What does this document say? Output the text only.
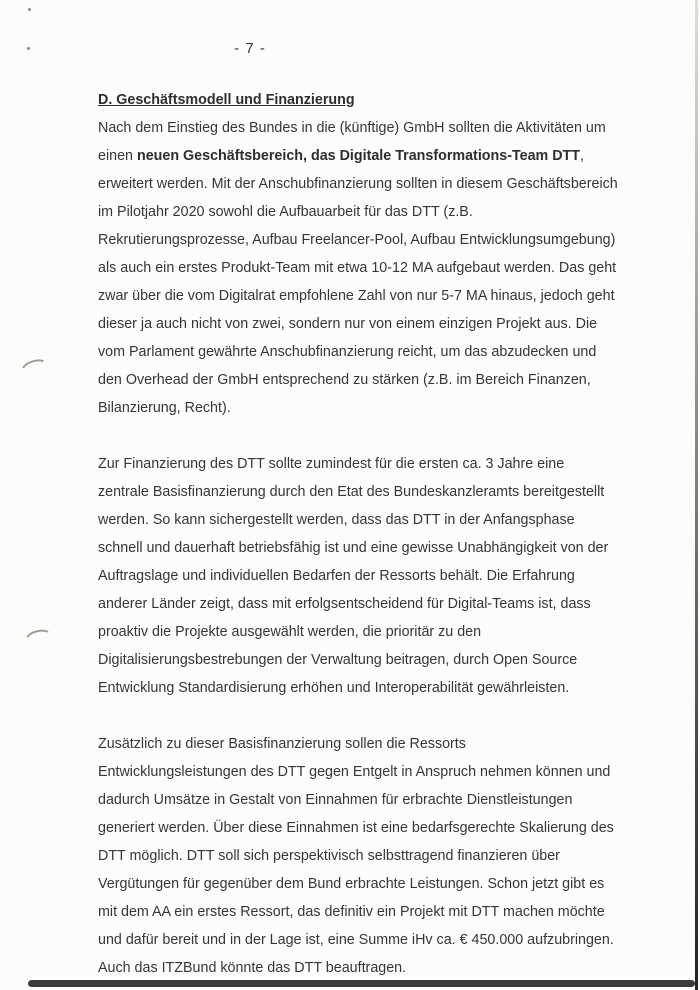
- 7 -
D. Geschäftsmodell und Finanzierung

Nach dem Einstieg des Bundes in die (künftige) GmbH sollten die Aktivitäten um einen neuen Geschäftsbereich, das Digitale Transformations-Team DTT, erweitert werden. Mit der Anschubfinanzierung sollten in diesem Geschäftsbereich im Pilotjahr 2020 sowohl die Aufbauarbeit für das DTT (z.B. Rekrutierungsprozesse, Aufbau Freelancer-Pool, Aufbau Entwicklungsumgebung) als auch ein erstes Produkt-Team mit etwa 10-12 MA aufgebaut werden. Das geht zwar über die vom Digitalrat empfohlene Zahl von nur 5-7 MA hinaus, jedoch geht dieser ja auch nicht von zwei, sondern nur von einem einzigen Projekt aus. Die vom Parlament gewährte Anschubfinanzierung reicht, um das abzudecken und den Overhead der GmbH entsprechend zu stärken (z.B. im Bereich Finanzen, Bilanzierung, Recht).

Zur Finanzierung des DTT sollte zumindest für die ersten ca. 3 Jahre eine zentrale Basisfinanzierung durch den Etat des Bundeskanzleramts bereitgestellt werden. So kann sichergestellt werden, dass das DTT in der Anfangsphase schnell und dauerhaft betriebsfähig ist und eine gewisse Unabhängigkeit von der Auftragslage und individuellen Bedarfen der Ressorts behält. Die Erfahrung anderer Länder zeigt, dass mit erfolgsentscheidend für Digital-Teams ist, dass proaktiv die Projekte ausgewählt werden, die prioritär zu den Digitalisierungsbestrebungen der Verwaltung beitragen, durch Open Source Entwicklung Standardisierung erhöhen und Interoperabilität gewährleisten.

Zusätzlich zu dieser Basisfinanzierung sollen die Ressorts Entwicklungsleistungen des DTT gegen Entgelt in Anspruch nehmen können und dadurch Umsätze in Gestalt von Einnahmen für erbrachte Dienstleistungen generiert werden. Über diese Einnahmen ist eine bedarfsgerechte Skalierung des DTT möglich. DTT soll sich perspektivisch selbsttragend finanzieren über Vergütungen für gegenüber dem Bund erbrachte Leistungen. Schon jetzt gibt es mit dem AA ein erstes Ressort, das definitiv ein Projekt mit DTT machen möchte und dafür bereit und in der Lage ist, eine Summe iHv ca. € 450.000 aufzubringen. Auch das ITZBund könnte das DTT beauftragen.
